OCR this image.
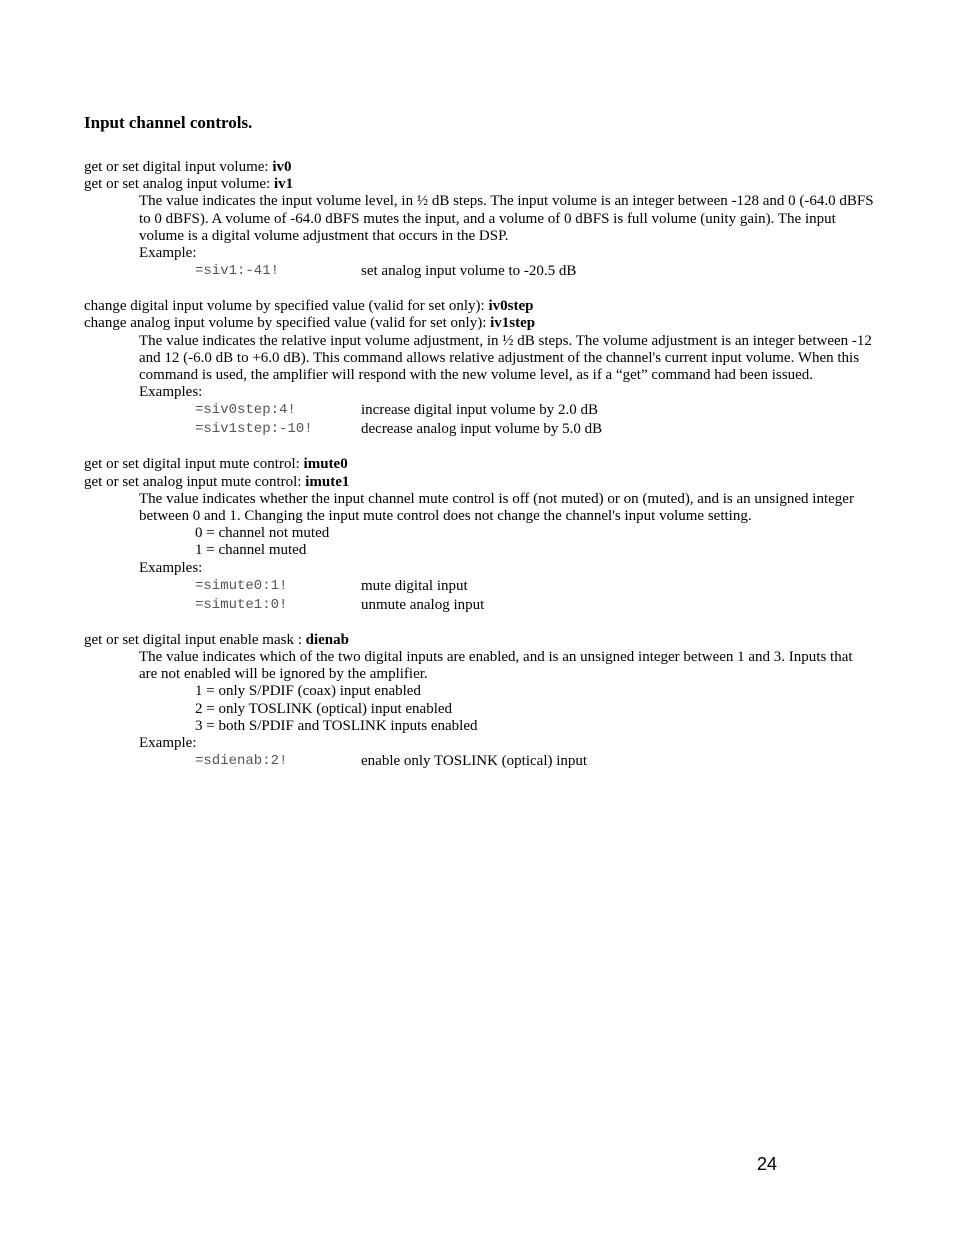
Input channel controls.

get or set digital input volume: iv0

get or set analog input volume: iv1

The value indicates the input volume level, in ½ dB steps. The input volume is an integer between -128 and 0 (-64.0 dBFS to 0 dBFS). A volume of -64.0 dBFS mutes the input, and a volume of 0 dBFS is full volume (unity gain). The input volume is a digital volume adjustment that occurs in the DSP.

Example:

=siv1:-41!	set analog input volume to -20.5 dB

change digital input volume by specified value (valid for set only): iv0step

change analog input volume by specified value (valid for set only): iv1step

The value indicates the relative input volume adjustment, in ½ dB steps. The volume adjustment is an integer between -12 and 12 (-6.0 dB to +6.0 dB). This command allows relative adjustment of the channel's current input volume. When this command is used, the amplifier will respond with the new volume level, as if a “get” command had been issued.

Examples:

=siv0step:4!	increase digital input volume by 2.0 dB
=siv1step:-10!	decrease analog input volume by 5.0 dB

get or set digital input mute control: imute0

get or set analog input mute control: imute1

The value indicates whether the input channel mute control is off (not muted) or on (muted), and is an unsigned integer between 0 and 1. Changing the input mute control does not change the channel's input volume setting.

0 = channel not muted

1 = channel muted

Examples:

=simute0:1!	mute digital input
=simute1:0!	unmute analog input

get or set digital input enable mask : dienab

The value indicates which of the two digital inputs are enabled, and is an unsigned integer between 1 and 3. Inputs that are not enabled will be ignored by the amplifier.

1 = only S/PDIF (coax) input enabled

2 = only TOSLINK (optical) input enabled

3 = both S/PDIF and TOSLINK inputs enabled

Example:

=sdienab:2!	enable only TOSLINK (optical) input
24
